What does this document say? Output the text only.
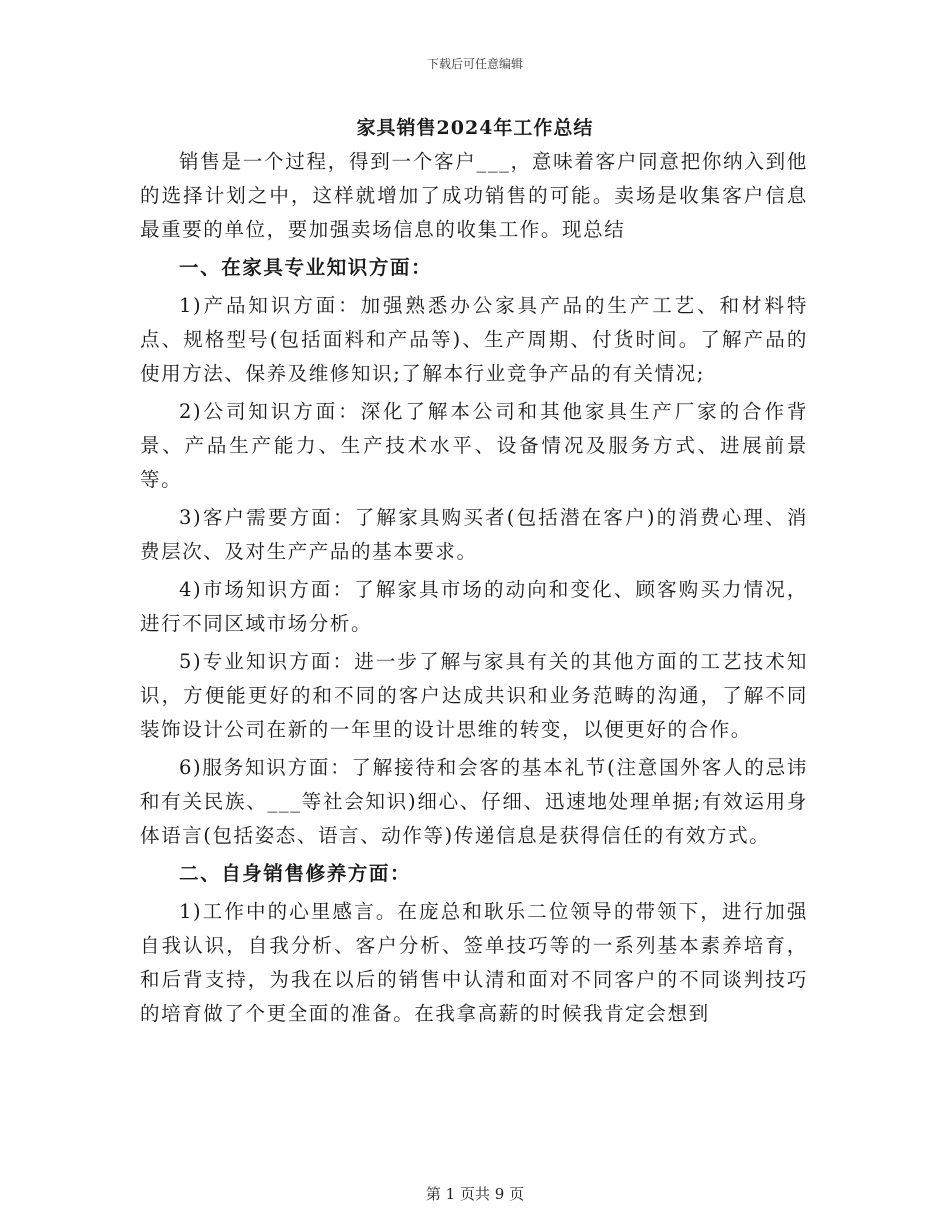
下载后可任意编辑
家具销售2024年工作总结

销售是一个过程，得到一个客户___，意味着客户同意把你纳入到他的选择计划之中，这样就增加了成功销售的可能。卖场是收集客户信息最重要的单位，要加强卖场信息的收集工作。现总结

一、在家具专业知识方面：

1)产品知识方面：加强熟悉办公家具产品的生产工艺、和材料特点、规格型号(包括面料和产品等)、生产周期、付货时间。了解产品的使用方法、保养及维修知识;了解本行业竞争产品的有关情况;

2)公司知识方面：深化了解本公司和其他家具生产厂家的合作背景、产品生产能力、生产技术水平、设备情况及服务方式、进展前景等。

3)客户需要方面：了解家具购买者(包括潜在客户)的消费心理、消费层次、及对生产产品的基本要求。

4)市场知识方面：了解家具市场的动向和变化、顾客购买力情况，进行不同区域市场分析。

5)专业知识方面：进一步了解与家具有关的其他方面的工艺技术知识，方便能更好的和不同的客户达成共识和业务范畴的沟通，了解不同装饰设计公司在新的一年里的设计思维的转变，以便更好的合作。

6)服务知识方面：了解接待和会客的基本礼节(注意国外客人的忌讳和有关民族、___等社会知识)细心、仔细、迅速地处理单据;有效运用身体语言(包括姿态、语言、动作等)传递信息是获得信任的有效方式。

二、自身销售修养方面：

1)工作中的心里感言。在庞总和耿乐二位领导的带领下，进行加强自我认识，自我分析、客户分析、签单技巧等的一系列基本素养培育，和后背支持，为我在以后的销售中认清和面对不同客户的不同谈判技巧的培育做了个更全面的准备。在我拿高薪的时候我肯定会想到

第 1 页共 9 页
